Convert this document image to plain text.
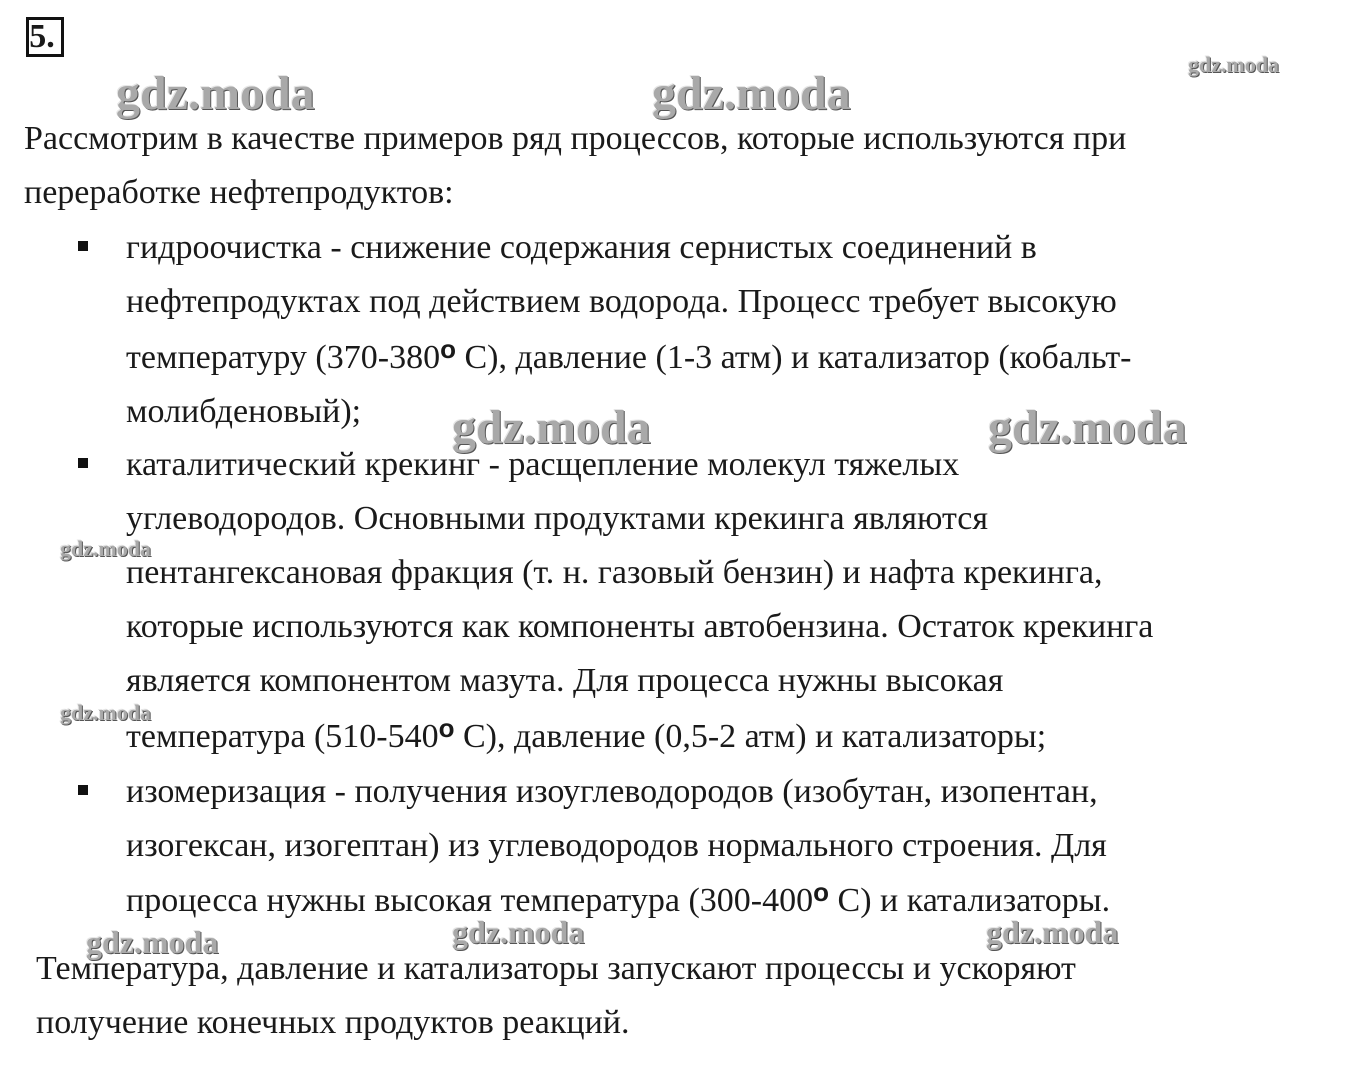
5.
gdz.moda	gdz.moda
gdz.moda
gdz.moda	gdz.moda
gdz.moda
gdz.moda
gdz.moda	gdz.moda	gdz.moda
Рассмотрим в качестве примеров ряд процессов, которые используются при
переработке нефтепродуктов:
гидроочистка - снижение содержания сернистых соединений в
нефтепродуктах под действием водорода. Процесс требует высокую
температуру (370-380$^o$ С), давление (1-3 атм) и катализатор (кобальт-
молибденовый);
каталитический крекинг - расщепление молекул тяжелых
углеводородов. Основными продуктами крекинга являются
пентангексановая фракция (т. н. газовый бензин) и нафта крекинга,
которые используются как компоненты автобензина. Остаток крекинга
является компонентом мазута. Для процесса нужны высокая
температура (510-540$^o$ С), давление (0,5-2 атм) и катализаторы;
изомеризация - получения изоуглеводородов (изобутан, изопентан,
изогексан, изогептан) из углеводородов нормального строения. Для
процесса нужны высокая температура (300-400$^o$ С) и катализаторы.
Температура, давление и катализаторы запускают процессы и ускоряют
получение конечных продуктов реакций.
